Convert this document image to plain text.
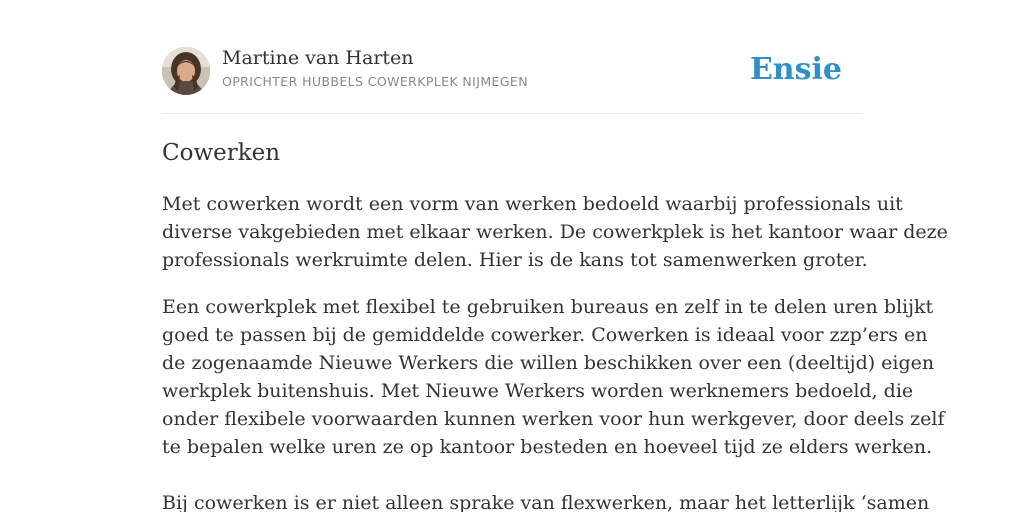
Martine van Harten
OPRICHTER HUBBELS COWERKPLEK NIJMEGEN	Ensie
Cowerken

Met cowerken wordt een vorm van werken bedoeld waarbij professionals uit
diverse vakgebieden met elkaar werken. De cowerkplek is het kantoor waar deze
professionals werkruimte delen. Hier is de kans tot samenwerken groter.

Een cowerkplek met flexibel te gebruiken bureaus en zelf in te delen uren blijkt
goed te passen bij de gemiddelde cowerker. Cowerken is ideaal voor zzp’ers en
de zogenaamde Nieuwe Werkers die willen beschikken over een (deeltijd) eigen
werkplek buitenshuis. Met Nieuwe Werkers worden werknemers bedoeld, die
onder flexibele voorwaarden kunnen werken voor hun werkgever, door deels zelf
te bepalen welke uren ze op kantoor besteden en hoeveel tijd ze elders werken.

Bij cowerken is er niet alleen sprake van flexwerken, maar het letterlijk ‘samen
